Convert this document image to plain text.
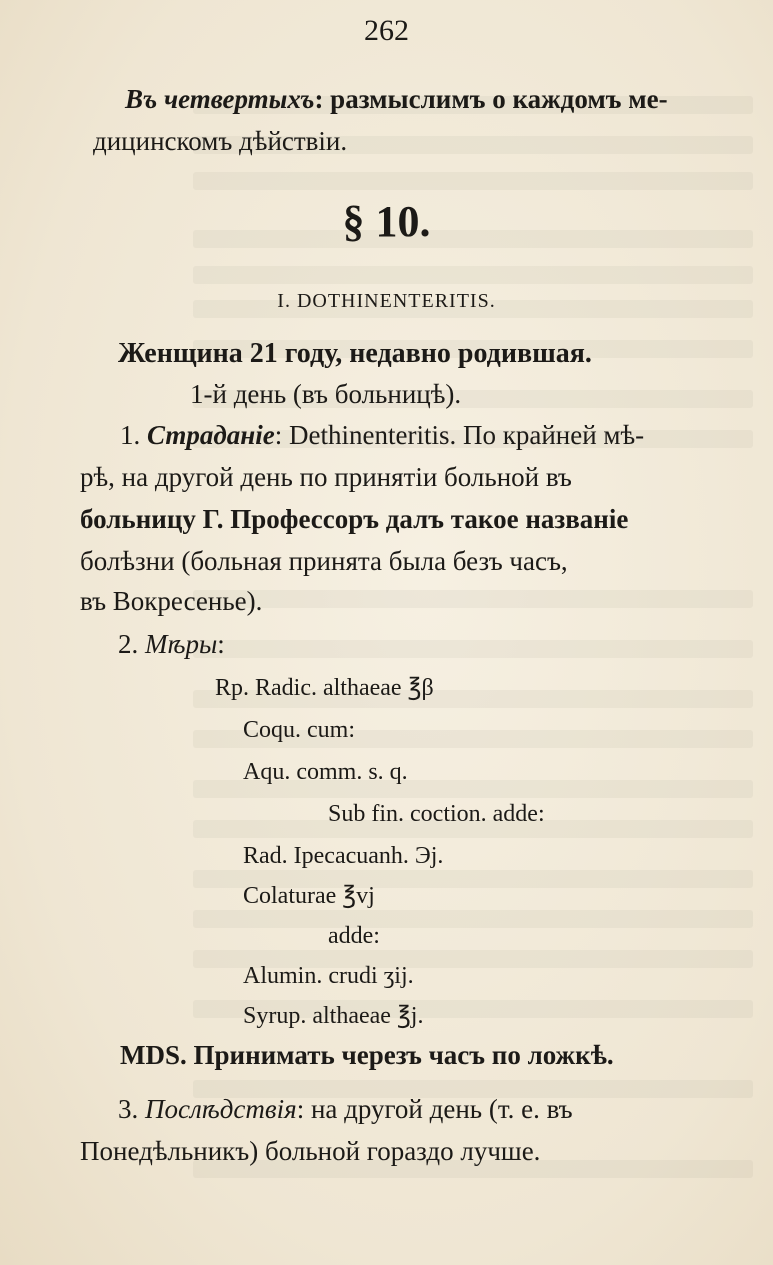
262
Въ четвертыхъ: размыслимъ о каждомъ ме-
дицинскомъ дѣйствіи.
§ 10.
I. DOTHINENTERITIS.
Женщина 21 году, недавно родившая.
1-й день (въ больницѣ).
1. Страданіе: Dethinenteritis. По крайней мѣ-
рѣ, на другой день по принятіи больной въ
больницу Г. Профессоръ далъ такое названіе
болѣзни (больная принята была безъ часъ,
въ Вокресенье).
2. Мѣры:
Rp. Radic. althaeae ℥β
Coqu. cum:
Aqu. comm. s. q.
Sub fin. coction. adde:
Rad. Ipecacuanh. Эj.
Colaturae ℥vj
adde:
Alumin. crudi ʒij.
Syrup. althaeae ℥j.
MDS. Принимать черезъ часъ по ложкѣ.
3. Послѣдствія: на другой день (т. е. въ
Понедѣльникъ) больной гораздо лучше.
